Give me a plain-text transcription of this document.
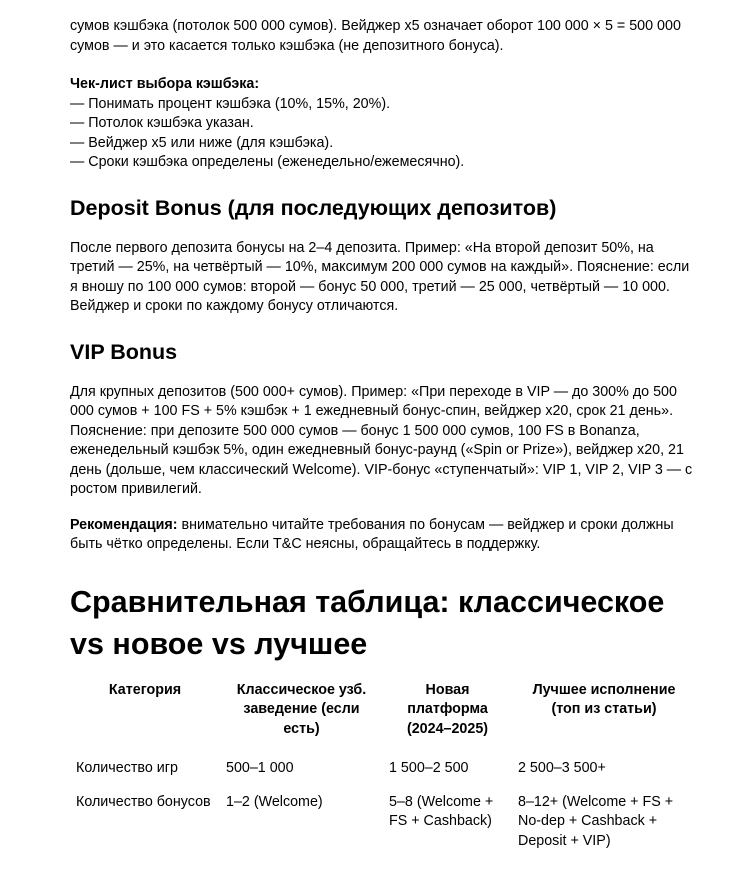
сумов кэшбэка (потолок 500 000 сумов). Вейджер x5 означает оборот 100 000 × 5 = 500 000 сумов — и это касается только кэшбэка (не депозитного бонуса).

Чек-лист выбора кэшбэка:

— Понимать процент кэшбэка (10%, 15%, 20%).
— Потолок кэшбэка указан.
— Вейджер x5 или ниже (для кэшбэка).
— Сроки кэшбэка определены (еженедельно/ежемесячно).
Deposit Bonus (для последующих депозитов)

После первого депозита бонусы на 2–4 депозита. Пример: «На второй депозит 50%, на третий — 25%, на четвёртый — 10%, максимум 200 000 сумов на каждый». Пояснение: если я вношу по 100 000 сумов: второй — бонус 50 000, третий — 25 000, четвёртый — 10 000. Вейджер и сроки по каждому бонусу отличаются.

VIP Bonus

Для крупных депозитов (500 000+ сумов). Пример: «При переходе в VIP — до 300% до 500 000 сумов + 100 FS + 5% кэшбэк + 1 ежедневный бонус-спин, вейджер x20, срок 21 день». Пояснение: при депозите 500 000 сумов — бонус 1 500 000 сумов, 100 FS в Bonanza, еженедельный кэшбэк 5%, один ежедневный бонус-раунд («Spin or Prize»), вейджер x20, 21 день (дольше, чем классический Welcome). VIP-бонус «ступенчатый»: VIP 1, VIP 2, VIP 3 — с ростом привилегий.

Рекомендация: внимательно читайте требования по бонусам — вейджер и сроки должны быть чётко определены. Если T&C неясны, обращайтесь в поддержку.

Сравнительная таблица: классическое vs новое vs лучшее
Категория	Классическое узб. заведение (если есть)	Новая платформа (2024–2025)	Лучшее исполнение (топ из статьи)
Количество игр	500–1 000	1 500–2 500	2 500–3 500+
Количество бонусов	1–2 (Welcome)	5–8 (Welcome + FS + Cashback)	8–12+ (Welcome + FS + No-dep + Cashback + Deposit + VIP)
